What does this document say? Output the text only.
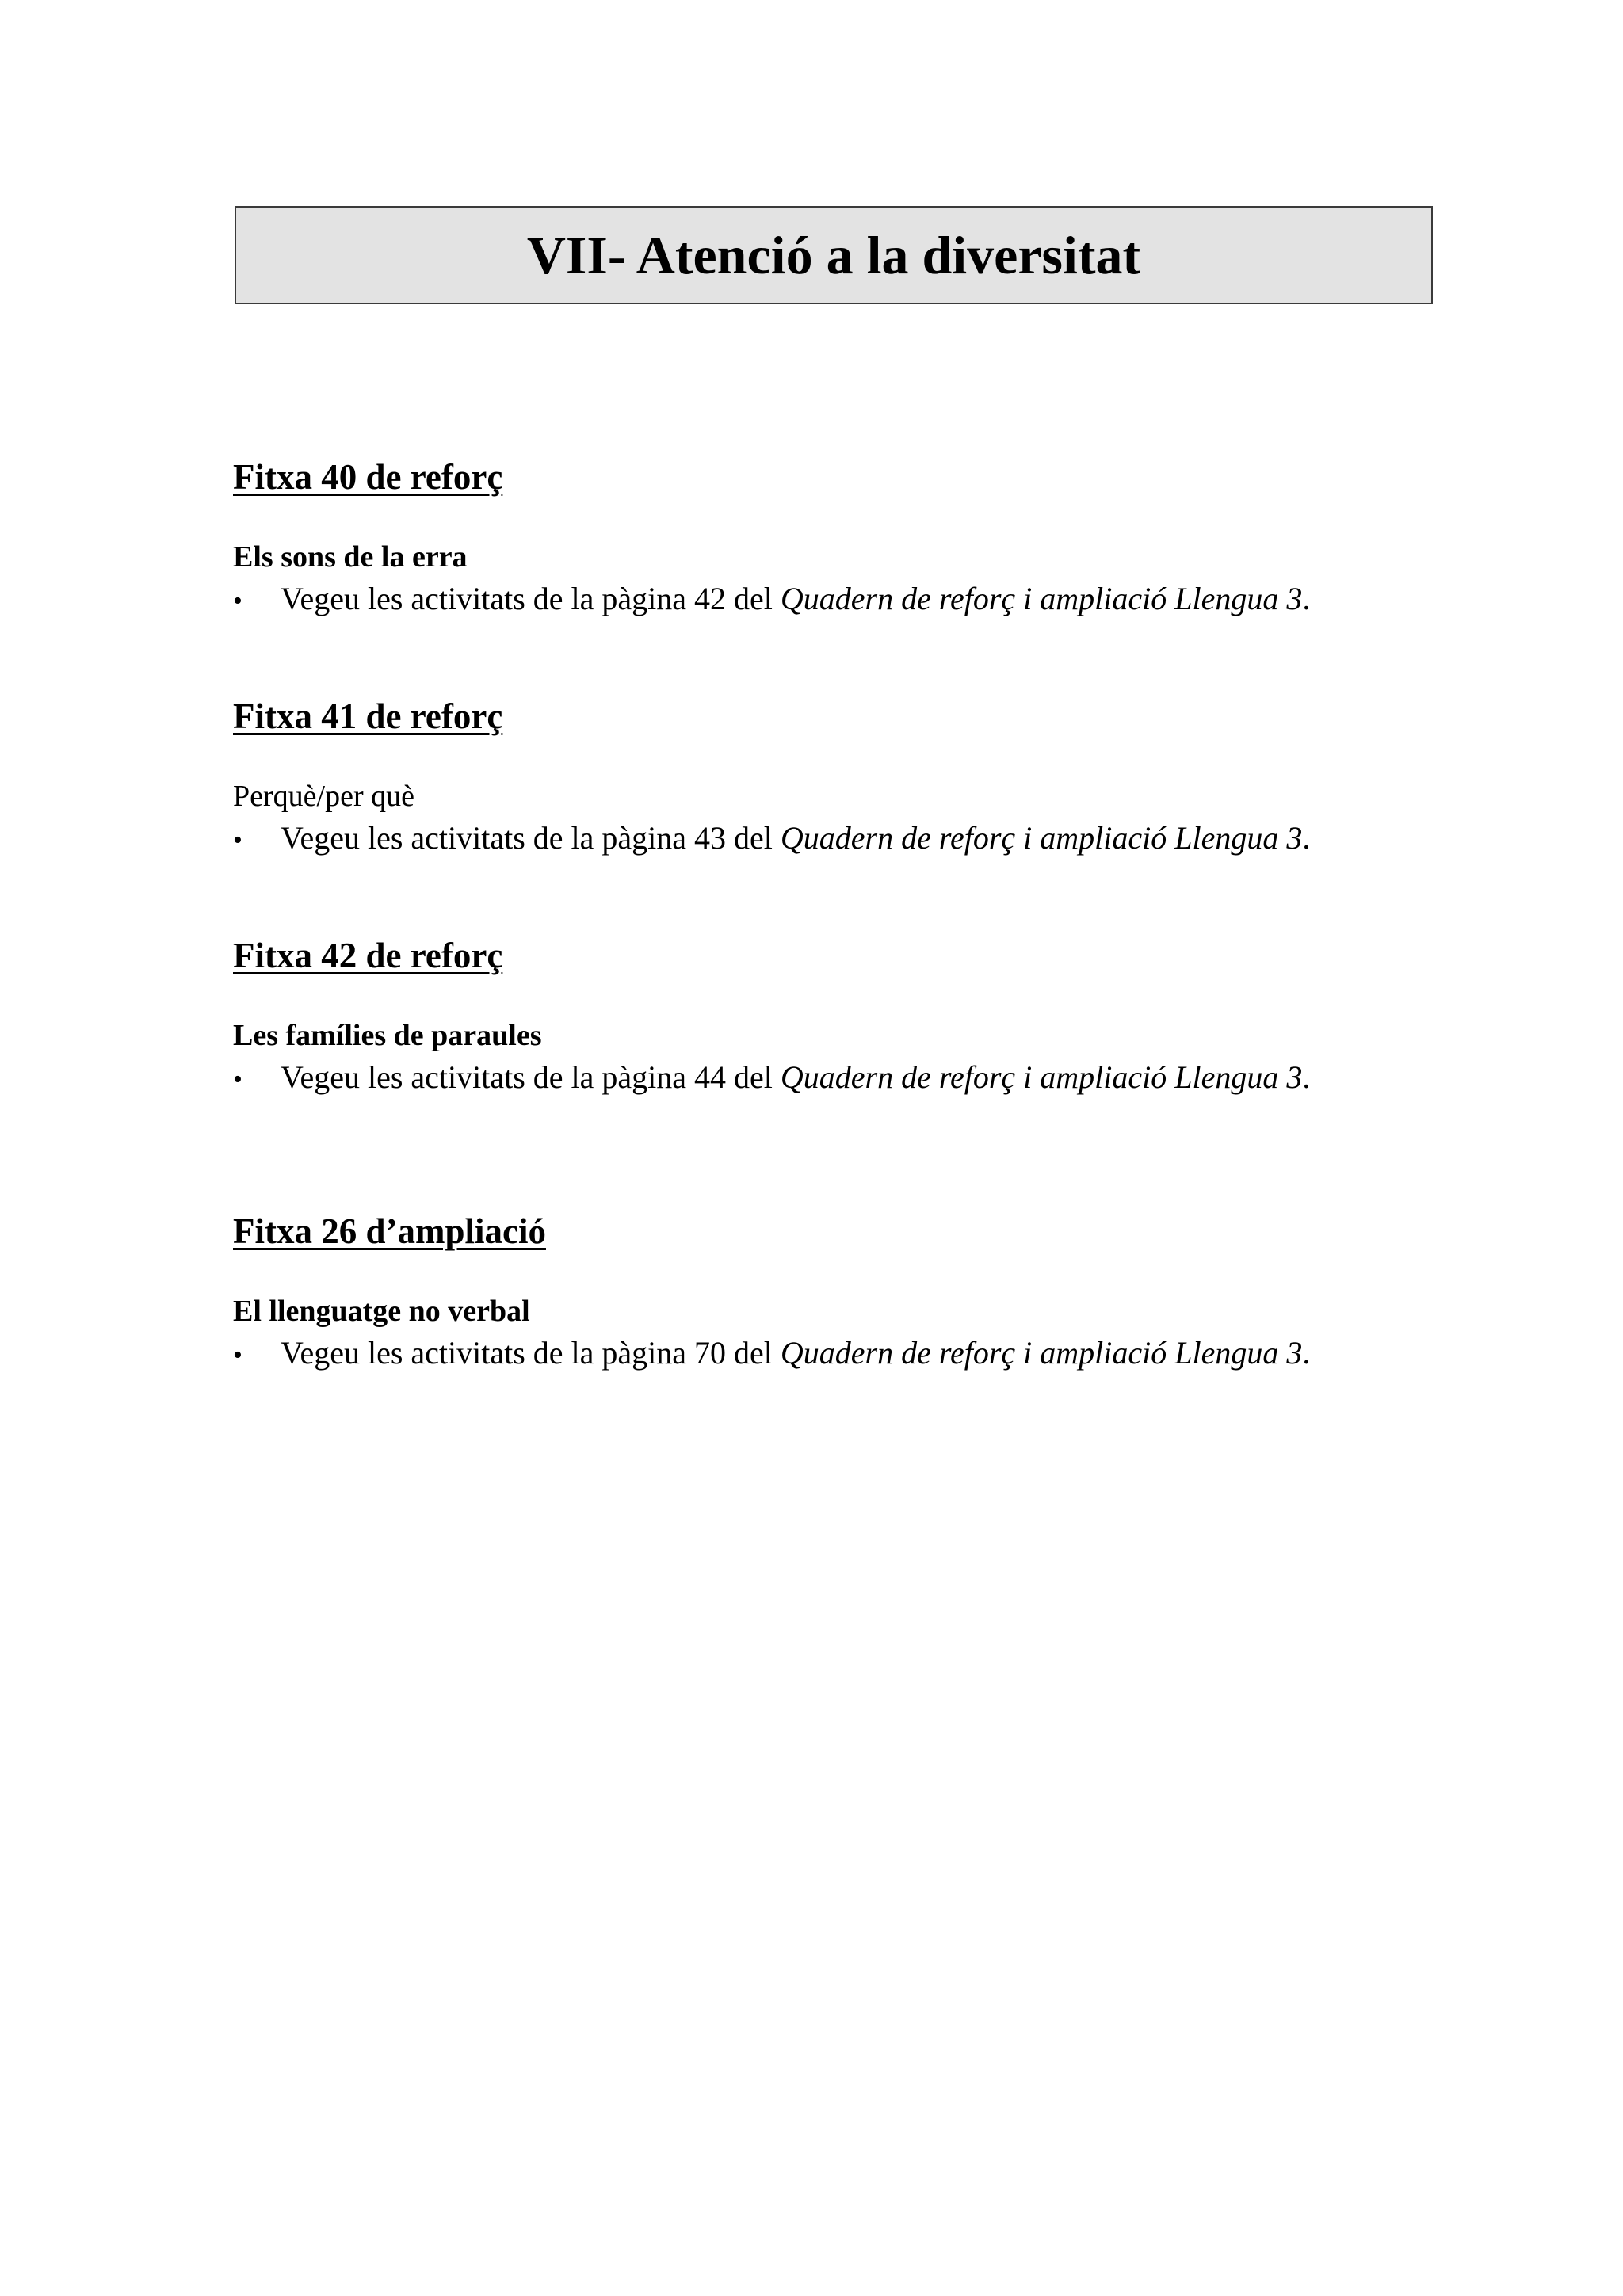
VII- Atenció a la diversitat
Fitxa 40 de reforç
Els sons de la erra
•	Vegeu les activitats de la pàgina 42 del Quadern de reforç i ampliació Llengua 3.
Fitxa 41 de reforç
Perquè/per què
•	Vegeu les activitats de la pàgina 43 del Quadern de reforç i ampliació Llengua 3.
Fitxa 42 de reforç
Les famílies de paraules
•	Vegeu les activitats de la pàgina 44 del Quadern de reforç i ampliació Llengua 3.
Fitxa 26 d’ampliació
El llenguatge no verbal
•	Vegeu les activitats de la pàgina 70 del Quadern de reforç i ampliació Llengua 3.
